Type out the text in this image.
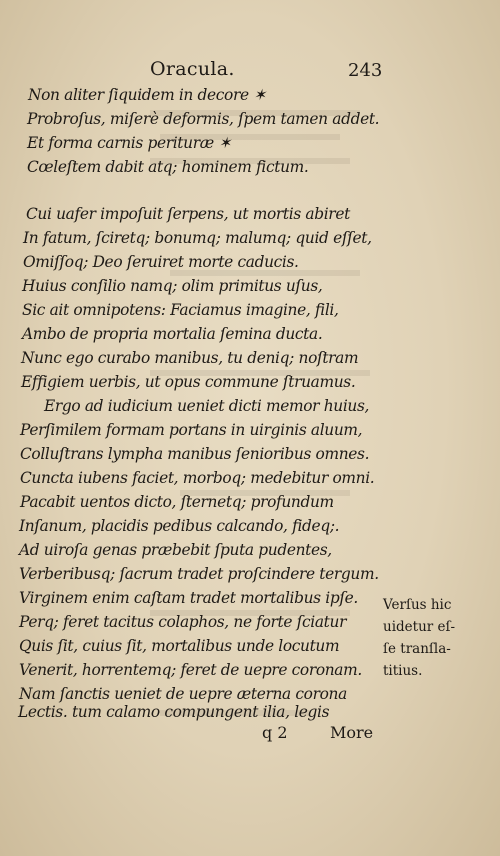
Oracula.	243

Non aliter ſiquidem in decore ✶
Probroſus, miſerè deformis, ſpem tamen addet.
Et forma carnis perituræ ✶
Cœleſtem dabit atq; hominem fictum.
Cui uafer impoſuit ſerpens, ut mortis abiret
In fatum, ſciretq; bonumq; malumq; quid eſſet,
Omiſſoq; Deo ſeruiret morte caducis.
Huius conſilio namq; olim primitus uſus,
Sic ait omnipotens: Faciamus imagine, fili,
Ambo de propria mortalia ſemina ducta.
Nunc ego curabo manibus, tu deniq; noſtram
Effigiem uerbis, ut opus commune ſtruamus.
Ergo ad iudicium ueniet dicti memor huius,
Perſimilem formam portans in uirginis aluum,
Colluſtrans lympha manibus ſenioribus omnes.
Cuncta iubens faciet, morboq; medebitur omni.
Pacabit uentos dicto, ſternetq; profundum
Inſanum, placidis pedibus calcando, fideq;.
Ad uiroſa genas præbebit ſputa pudentes,
Verberibusq; ſacrum tradet proſcindere tergum.
Virginem enim caſtam tradet mortalibus ipſe.
Perq; feret tacitus colaphos, ne forte ſciatur
Quis ſit, cuius ſit, mortalibus unde locutum
Venerit, horrentemq; feret de uepre coronam.
Nam ſanctis ueniet de uepre æterna corona
Lectis. tum calamo compungent ilia, legis
Verſus hic
uidetur eſ-
ſe tranſla-
titius.
q 2	More
